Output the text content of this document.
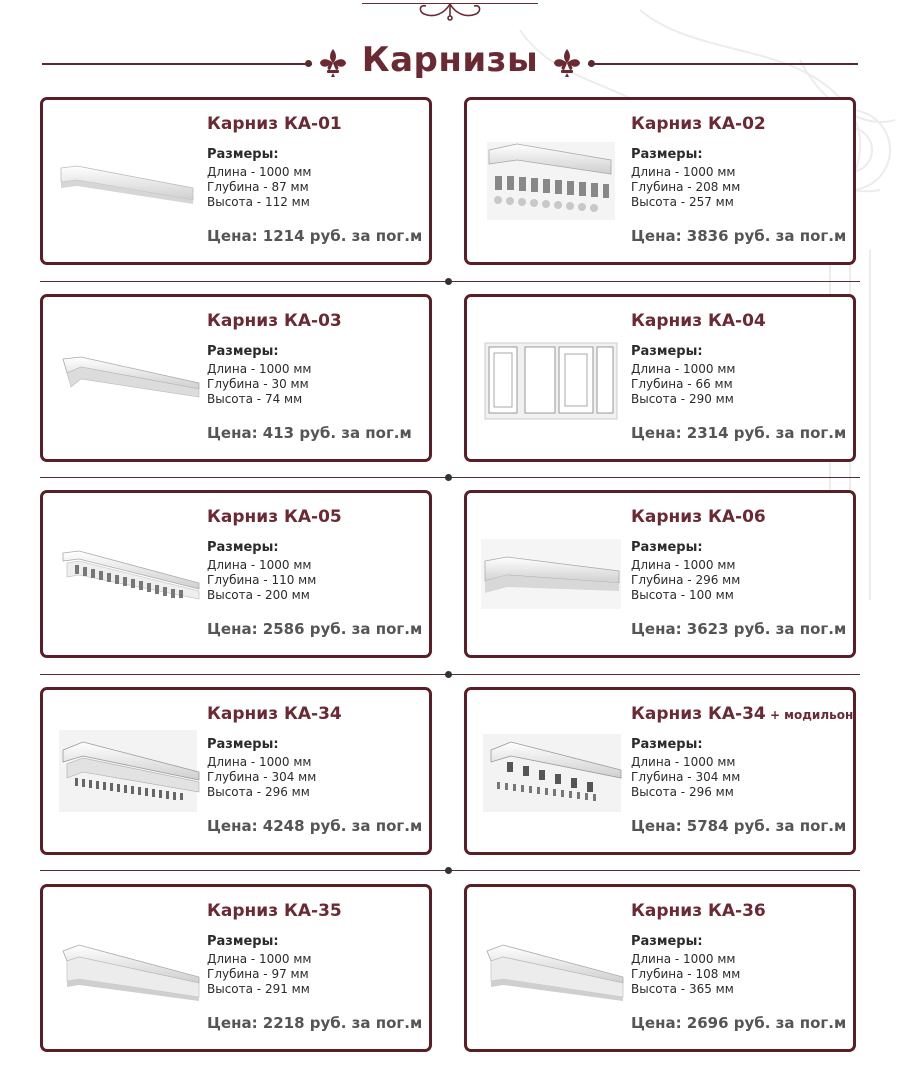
Карнизы
Карниз КА-01
Размеры:
Длина - 1000 мм
Глубина - 87 мм
Высота - 112 мм
Цена: 1214 руб. за пог.м
Карниз КА-02
Размеры:
Длина - 1000 мм
Глубина - 208 мм
Высота - 257 мм
Цена: 3836 руб. за пог.м
Карниз КА-03
Размеры:
Длина - 1000 мм
Глубина - 30 мм
Высота - 74 мм
Цена: 413 руб. за пог.м
Карниз КА-04
Размеры:
Длина - 1000 мм
Глубина - 66 мм
Высота - 290 мм
Цена: 2314 руб. за пог.м
Карниз КА-05
Размеры:
Длина - 1000 мм
Глубина - 110 мм
Высота - 200 мм
Цена: 2586 руб. за пог.м
Карниз КА-06
Размеры:
Длина - 1000 мм
Глубина - 296 мм
Высота - 100 мм
Цена: 3623 руб. за пог.м
Карниз КА-34
Размеры:
Длина - 1000 мм
Глубина - 304 мм
Высота - 296 мм
Цена: 4248 руб. за пог.м
Карниз КА-34 + модильон
Размеры:
Длина - 1000 мм
Глубина - 304 мм
Высота - 296 мм
Цена: 5784 руб. за пог.м
Карниз КА-35
Размеры:
Длина - 1000 мм
Глубина - 97 мм
Высота - 291 мм
Цена: 2218 руб. за пог.м
Карниз КА-36
Размеры:
Длина - 1000 мм
Глубина - 108 мм
Высота - 365 мм
Цена: 2696 руб. за пог.м
